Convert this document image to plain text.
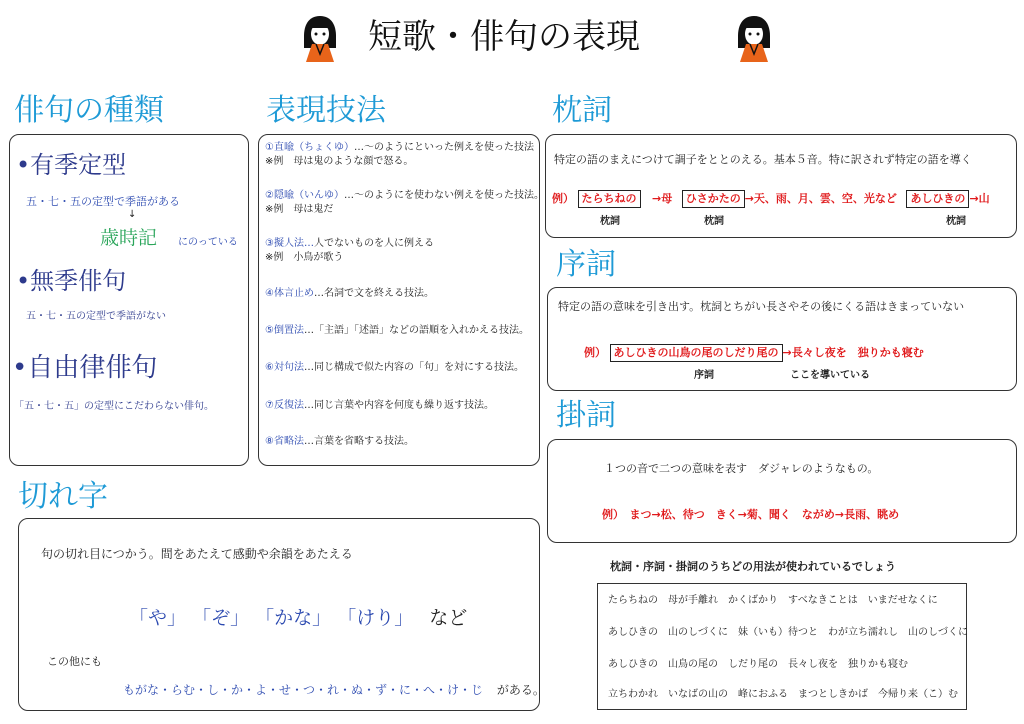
短歌・俳句の表現
俳句の種類
•有季定型
五・七・五の定型で季語がある
↓
歳時記 にのっている
•無季俳句
五・七・五の定型で季語がない
•自由律俳句
「五・七・五」の定型にこだわらない俳句。
表現技法
①直喩（ちょくゆ）…〜のようにといった例えを使った技法
※例　母は鬼のような顔で怒る。
②隠喩（いんゆ）…〜のようにを使わない例えを使った技法。
※例　母は鬼だ
③擬人法…人でないものを人に例える
※例　小鳥が歌う
④体言止め…名詞で文を終える技法。
⑤倒置法…「主語」「述語」などの語順を入れかえる技法。
⑥対句法…同じ構成で似た内容の「句」を対にする技法。
⑦反復法…同じ言葉や内容を何度も繰り返す技法。
⑧省略法…言葉を省略する技法。
枕詞
特定の語のまえにつけて調子をととのえる。基本５音。特に訳されず特定の語を導く
例） たらちねの →母 ひさかたの →天、雨、月、雲、空、光など あしひきの →山
枕詞	枕詞	枕詞
序詞
特定の語の意味を引き出す。枕詞とちがい長さやその後にくる語はきまっていない
例） あしひきの山鳥の尾のしだり尾の →長々し夜を　独りかも寝む
序詞	ここを導いている
掛詞
１つの音で二つの意味を表す　ダジャレのようなもの。
例）　まつ→松、待つ　きく→菊、聞く　ながめ→長雨、眺め
切れ字
句の切れ目につかう。間をあたえて感動や余韻をあたえる
「や」 「ぞ」 「かな」 「けり」 など
この他にも
もがな・らむ・し・か・よ・せ・つ・れ・ぬ・ず・に・へ・け・じ がある。
枕詞・序詞・掛詞のうちどの用法が使われているでしょう
たらちねの　母が手離れ　かくばかり　すべなきことは　いまだせなくに
あしひきの　山のしづくに　妹（いも）待つと　わが立ち濡れし　山のしづくに
あしひきの　山鳥の尾の　しだり尾の　長々し夜を　独りかも寝む
立ちわかれ　いなばの山の　峰におふる　まつとしきかば　今帰り来（こ）む
